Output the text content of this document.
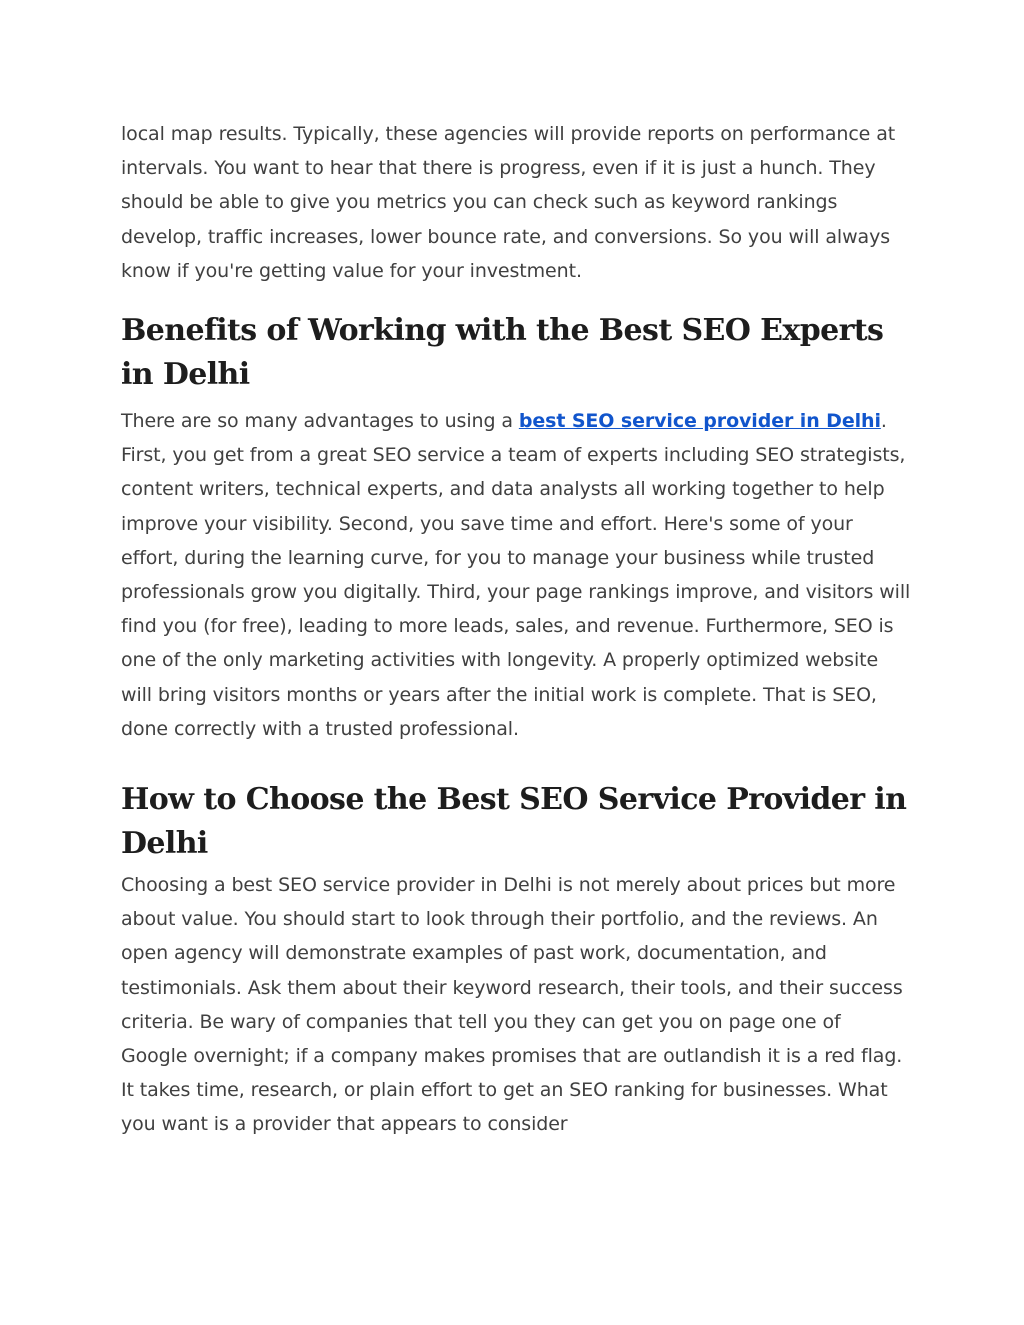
local map results. Typically, these agencies will provide reports on performance at intervals. You want to hear that there is progress, even if it is just a hunch. They should be able to give you metrics you can check such as keyword rankings develop, traffic increases, lower bounce rate, and conversions. So you will always know if you're getting value for your investment.

Benefits of Working with the Best SEO Experts in Delhi

There are so many advantages to using a best SEO service provider in Delhi. First, you get from a great SEO service a team of experts including SEO strategists, content writers, technical experts, and data analysts all working together to help improve your visibility. Second, you save time and effort. Here's some of your effort, during the learning curve, for you to manage your business while trusted professionals grow you digitally. Third, your page rankings improve, and visitors will find you (for free), leading to more leads, sales, and revenue. Furthermore, SEO is one of the only marketing activities with longevity. A properly optimized website will bring visitors months or years after the initial work is complete. That is SEO, done correctly with a trusted professional.

How to Choose the Best SEO Service Provider in Delhi

Choosing a best SEO service provider in Delhi is not merely about prices but more about value. You should start to look through their portfolio, and the reviews. An open agency will demonstrate examples of past work, documentation, and testimonials. Ask them about their keyword research, their tools, and their success criteria. Be wary of companies that tell you they can get you on page one of Google overnight; if a company makes promises that are outlandish it is a red flag. It takes time, research, or plain effort to get an SEO ranking for businesses. What you want is a provider that appears to consider
